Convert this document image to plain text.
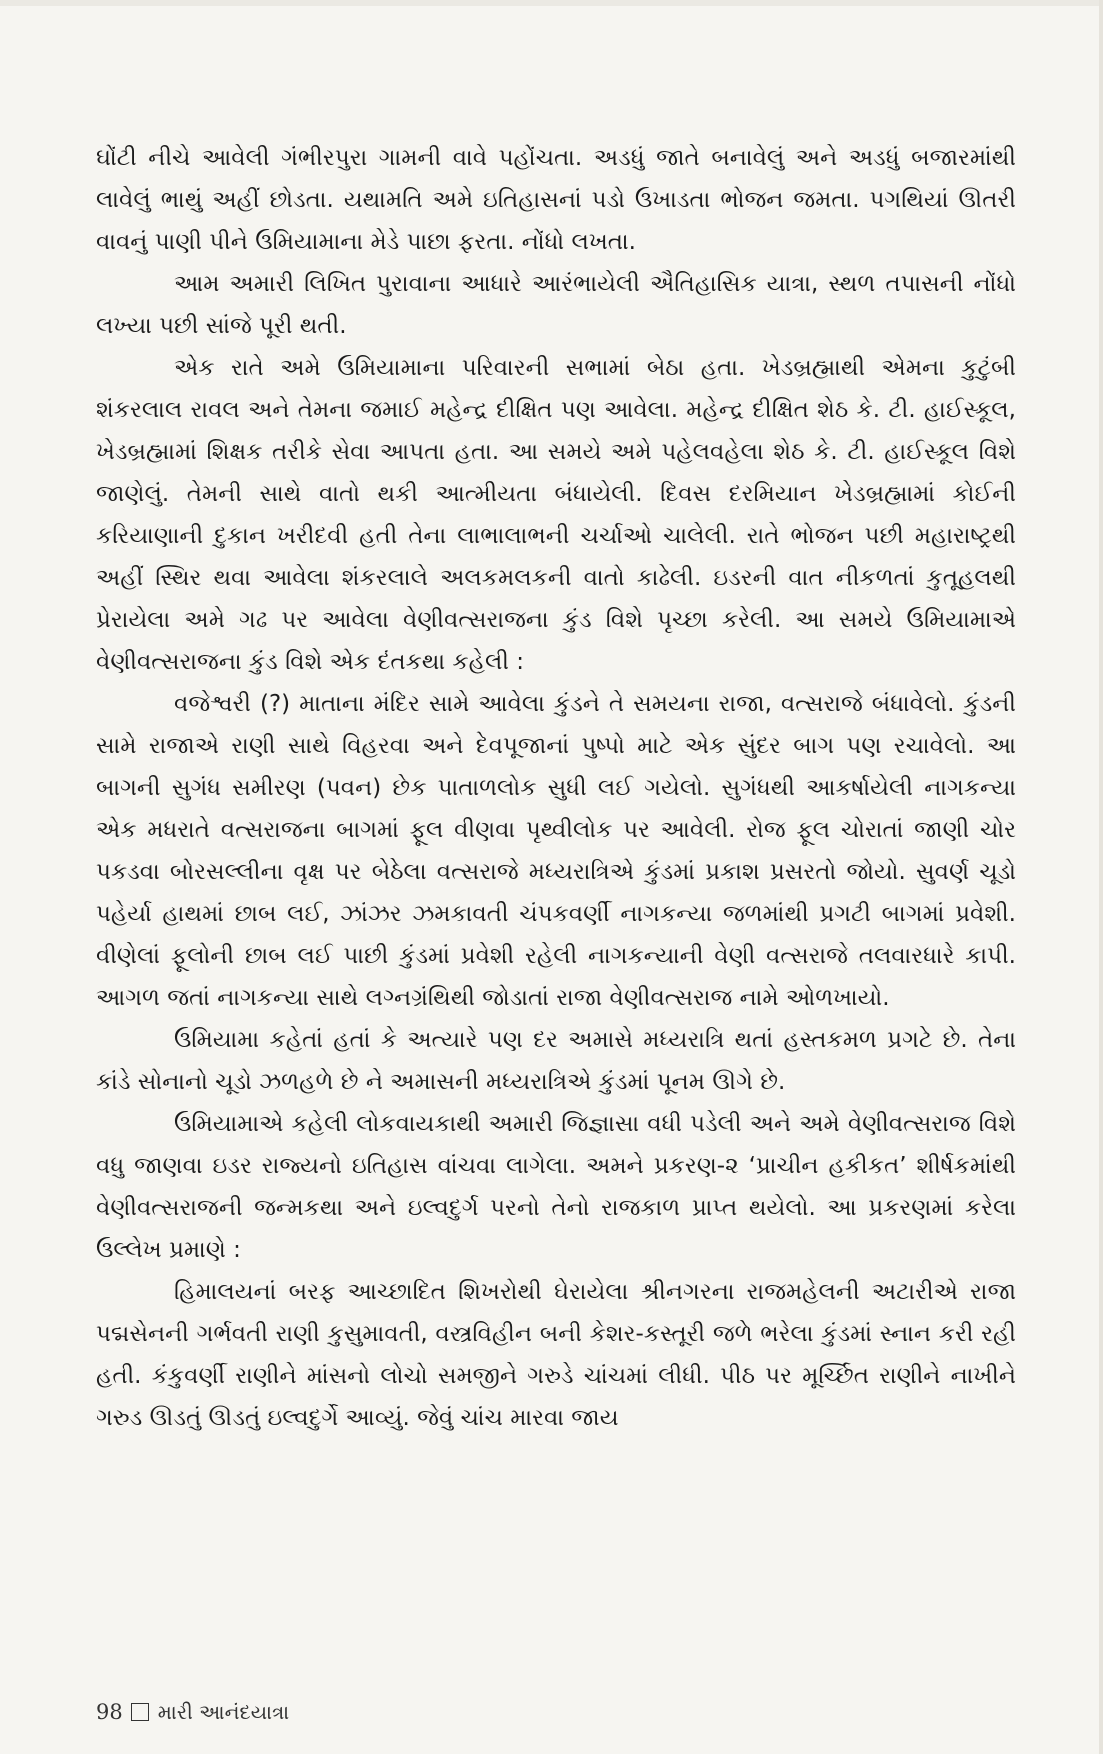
ઘોંટી નીચે આવેલી ગંભીરપુરા ગામની વાવે પહોંચતા. અડધું જાતે બનાવેલું અને અડધું બજારમાંથી લાવેલું ભાથું અહીં છોડતા. યથામતિ અમે ઇતિહાસનાં પડો ઉખાડતા ભોજન જમતા. પગથિયાં ઊતરી વાવનું પાણી પીને ઉમિયામાના મેડે પાછા ફરતા. નોંધો લખતા.

આમ અમારી લિખિત પુરાવાના આધારે આરંભાયેલી ઐતિહાસિક યાત્રા, સ્થળ તપાસની નોંધો લખ્યા પછી સાંજે પૂરી થતી.

એક રાતે અમે ઉમિયામાના પરિવારની સભામાં બેઠા હતા. ખેડબ્રહ્માથી એમના કુટુંબી શંકરલાલ રાવલ અને તેમના જમાઈ મહેન્દ્ર દીક્ષિત પણ આવેલા. મહેન્દ્ર દીક્ષિત શેઠ કે. ટી. હાઈસ્કૂલ, ખેડબ્રહ્મામાં શિક્ષક તરીકે સેવા આપતા હતા. આ સમયે અમે પહેલવહેલા શેઠ કે. ટી. હાઈસ્કૂલ વિશે જાણેલું. તેમની સાથે વાતો થકી આત્મીયતા બંધાયેલી. દિવસ દરમિયાન ખેડબ્રહ્મામાં કોઈની કરિયાણાની દુકાન ખરીદવી હતી તેના લાભાલાભની ચર્ચાઓ ચાલેલી. રાતે ભોજન પછી મહારાષ્ટ્રથી અહીં સ્થિર થવા આવેલા શંકરલાલે અલકમલકની વાતો કાઢેલી. ઇડરની વાત નીકળતાં કુતૂહલથી પ્રેરાયેલા અમે ગઢ પર આવેલા વેણીવત્સરાજના કુંડ વિશે પૃચ્છા કરેલી. આ સમયે ઉમિયામાએ વેણીવત્સરાજના કુંડ વિશે એક દંતકથા કહેલી :

વજેશ્વરી (?) માતાના મંદિર સામે આવેલા કુંડને તે સમયના રાજા, વત્સરાજે બંધાવેલો. કુંડની સામે રાજાએ રાણી સાથે વિહરવા અને દેવપૂજાનાં પુષ્પો માટે એક સુંદર બાગ પણ રચાવેલો. આ બાગની સુગંધ સમીરણ (પવન) છેક પાતાળલોક સુધી લઈ ગયેલો. સુગંધથી આકર્ષાયેલી નાગકન્યા એક મધરાતે વત્સરાજના બાગમાં ફૂલ વીણવા પૃથ્વીલોક પર આવેલી. રોજ ફૂલ ચોરાતાં જાણી ચોર પકડવા બોરસલ્લીના વૃક્ષ પર બેઠેલા વત્સરાજે મધ્યરાત્રિએ કુંડમાં પ્રકાશ પ્રસરતો જોયો. સુવર્ણ ચૂડો પહેર્યા હાથમાં છાબ લઈ, ઝાંઝર ઝમકાવતી ચંપકવર્ણી નાગકન્યા જળમાંથી પ્રગટી બાગમાં પ્રવેશી. વીણેલાં ફૂલોની છાબ લઈ પાછી કુંડમાં પ્રવેશી રહેલી નાગકન્યાની વેણી વત્સરાજે તલવારધારે કાપી. આગળ જતાં નાગકન્યા સાથે લગ્નગ્રંથિથી જોડાતાં રાજા વેણીવત્સરાજ નામે ઓળખાયો.

ઉમિયામા કહેતાં હતાં કે અત્યારે પણ દર અમાસે મધ્યરાત્રિ થતાં હસ્તકમળ પ્રગટે છે. તેના કાંડે સોનાનો ચૂડો ઝળહળે છે ને અમાસની મધ્યરાત્રિએ કુંડમાં પૂનમ ઊગે છે.

ઉમિયામાએ કહેલી લોકવાયકાથી અમારી જિજ્ઞાસા વધી પડેલી અને અમે વેણીવત્સરાજ વિશે વધુ જાણવા ઇડર રાજ્યનો ઇતિહાસ વાંચવા લાગેલા. અમને પ્રકરણ-૨ ‘પ્રાચીન હકીકત’ શીર્ષકમાંથી વેણીવત્સરાજની જન્મકથા અને ઇલ્વદુર્ગ પરનો તેનો રાજકાળ પ્રાપ્ત થયેલો. આ પ્રકરણમાં કરેલા ઉલ્લેખ પ્રમાણે :

હિમાલયનાં બરફ આચ્છાદિત શિખરોથી ઘેરાયેલા શ્રીનગરના રાજમહેલની અટારીએ રાજા પદ્મસેનની ગર્ભવતી રાણી કુસુમાવતી, વસ્ત્રવિહીન બની કેશર-કસ્તૂરી જળે ભરેલા કુંડમાં સ્નાન કરી રહી હતી. કંકુવર્ણી રાણીને માંસનો લોચો સમજીને ગરુડે ચાંચમાં લીધી. પીઠ પર મૂર્ચ્છિત રાણીને નાખીને ગરુડ ઊડતું ઊડતું ઇલ્વદુર્ગે આવ્યું. જેવું ચાંચ મારવા જાય

98 મારી આનંદયાત્રા
